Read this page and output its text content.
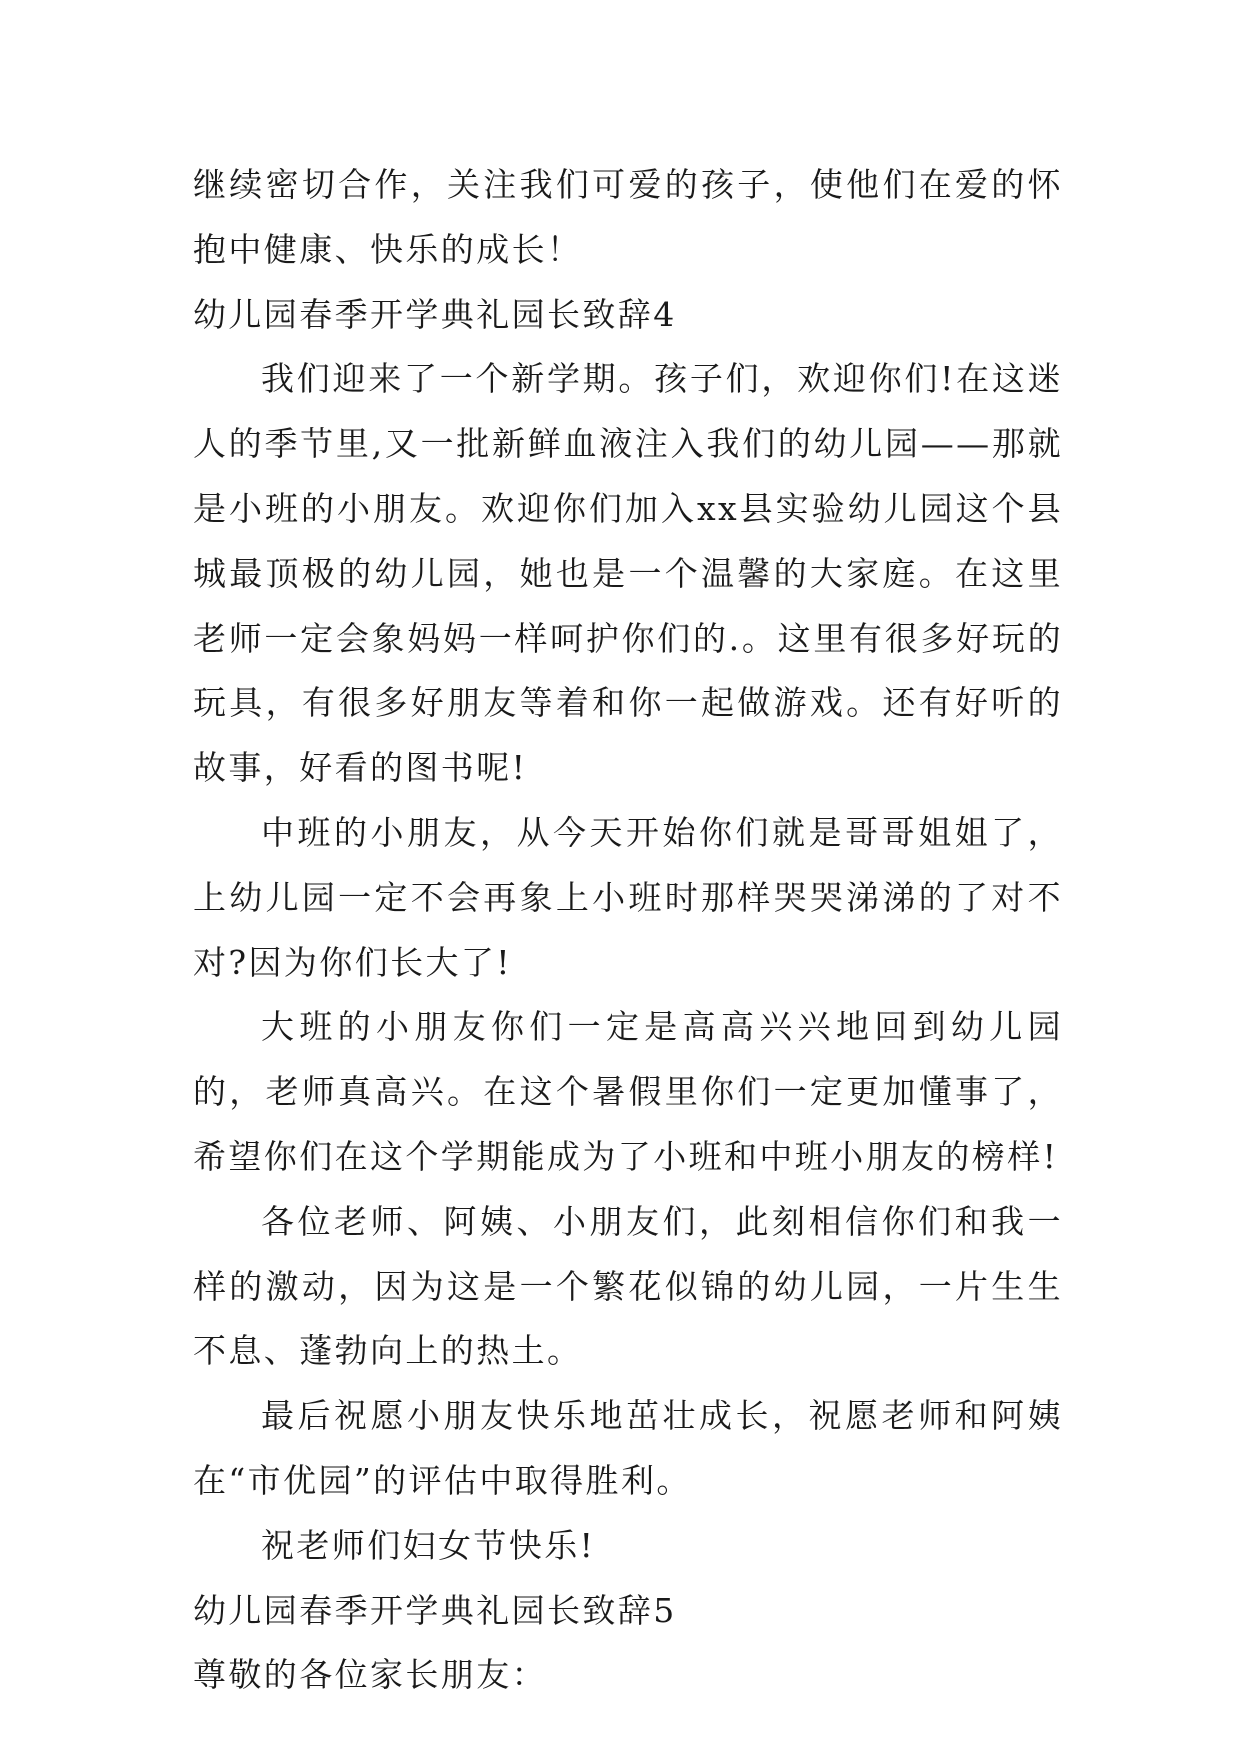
继续密切合作，关注我们可爱的孩子，使他们在爱的怀抱中健康、快乐的成长！

幼儿园春季开学典礼园长致辞4

我们迎来了一个新学期。孩子们，欢迎你们!在这迷人的季节里,又一批新鲜血液注入我们的幼儿园——那就是小班的小朋友。欢迎你们加入xx县实验幼儿园这个县城最顶极的幼儿园，她也是一个温馨的大家庭。在这里老师一定会象妈妈一样呵护你们的.。这里有很多好玩的玩具，有很多好朋友等着和你一起做游戏。还有好听的故事，好看的图书呢!

中班的小朋友，从今天开始你们就是哥哥姐姐了，上幼儿园一定不会再象上小班时那样哭哭涕涕的了对不对?因为你们长大了!

大班的小朋友你们一定是高高兴兴地回到幼儿园的，老师真高兴。在这个暑假里你们一定更加懂事了，希望你们在这个学期能成为了小班和中班小朋友的榜样!

各位老师、阿姨、小朋友们，此刻相信你们和我一样的激动，因为这是一个繁花似锦的幼儿园，一片生生不息、蓬勃向上的热土。

最后祝愿小朋友快乐地茁壮成长，祝愿老师和阿姨在“市优园”的评估中取得胜利。

祝老师们妇女节快乐!

幼儿园春季开学典礼园长致辞5

尊敬的各位家长朋友：
